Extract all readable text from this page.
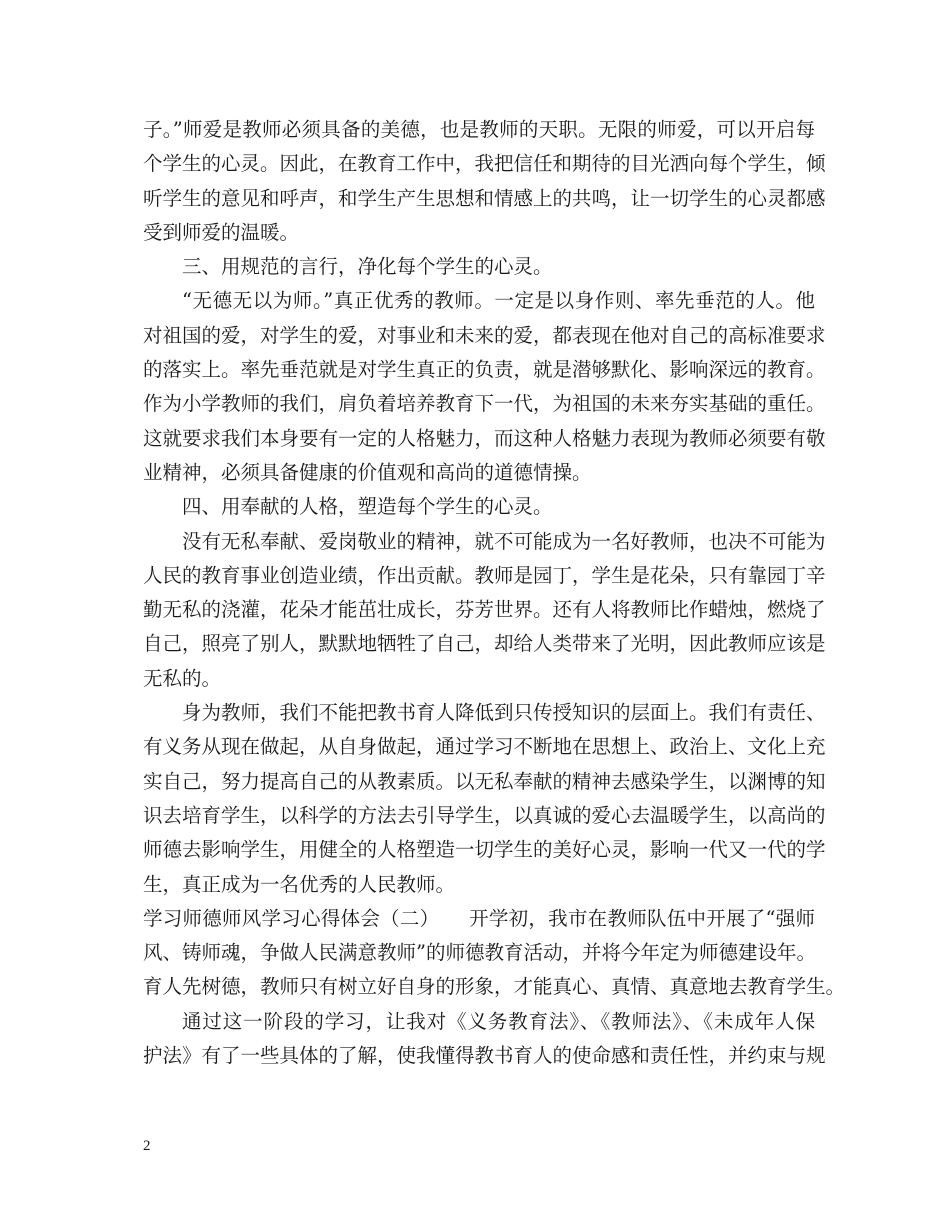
子。”师爱是教师必须具备的美德，也是教师的天职。无限的师爱，可以开启每
个学生的心灵。因此，在教育工作中，我把信任和期待的目光洒向每个学生，倾
听学生的意见和呼声，和学生产生思想和情感上的共鸣，让一切学生的心灵都感
受到师爱的温暖。
三、用规范的言行，净化每个学生的心灵。
“无德无以为师。”真正优秀的教师。一定是以身作则、率先垂范的人。他
对祖国的爱，对学生的爱，对事业和未来的爱，都表现在他对自己的高标准要求
的落实上。率先垂范就是对学生真正的负责，就是潜够默化、影响深远的教育。
作为小学教师的我们，肩负着培养教育下一代，为祖国的未来夯实基础的重任。
这就要求我们本身要有一定的人格魅力，而这种人格魅力表现为教师必须要有敬
业精神，必须具备健康的价值观和高尚的道德情操。
四、用奉献的人格，塑造每个学生的心灵。
没有无私奉献、爱岗敬业的精神，就不可能成为一名好教师，也决不可能为
人民的教育事业创造业绩，作出贡献。教师是园丁，学生是花朵，只有靠园丁辛
勤无私的浇灌，花朵才能茁壮成长，芬芳世界。还有人将教师比作蜡烛，燃烧了
自己，照亮了别人，默默地牺牲了自己，却给人类带来了光明，因此教师应该是
无私的。
身为教师，我们不能把教书育人降低到只传授知识的层面上。我们有责任、
有义务从现在做起，从自身做起，通过学习不断地在思想上、政治上、文化上充
实自己，努力提高自己的从教素质。以无私奉献的精神去感染学生，以渊博的知
识去培育学生，以科学的方法去引导学生，以真诚的爱心去温暖学生，以高尚的
师德去影响学生，用健全的人格塑造一切学生的美好心灵，影响一代又一代的学
生，真正成为一名优秀的人民教师。
学习师德师风学习心得体会（二）　　开学初，我市在教师队伍中开展了“强师
风、铸师魂，争做人民满意教师”的师德教育活动，并将今年定为师德建设年。
育人先树德，教师只有树立好自身的形象，才能真心、真情、真意地去教育学生。
通过这一阶段的学习，让我对《义务教育法》、《教师法》、《未成年人保
护法》有了一些具体的了解，使我懂得教书育人的使命感和责任性，并约束与规
2
